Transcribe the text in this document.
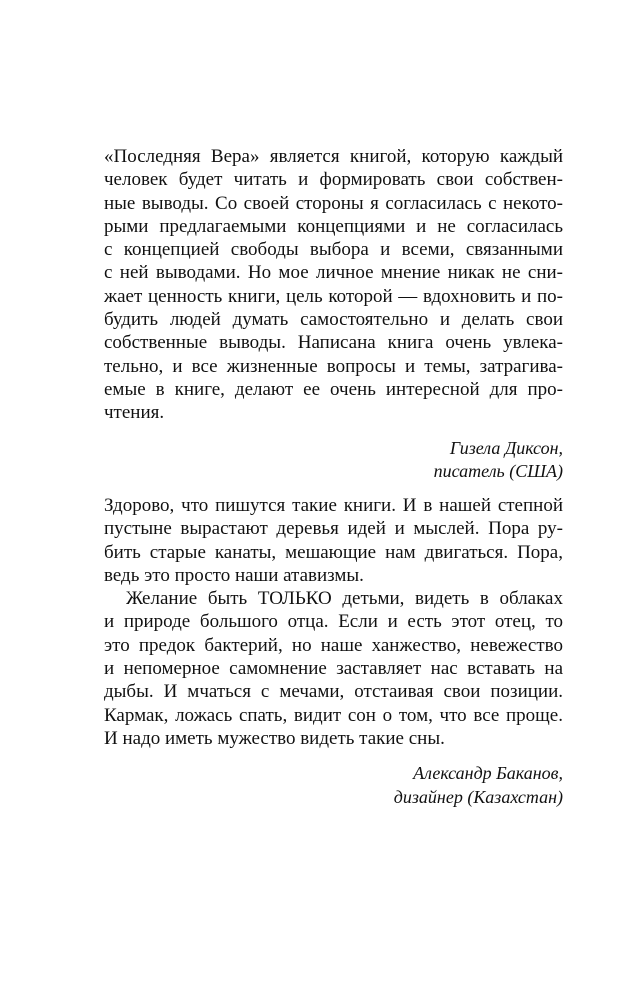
«Последняя Вера» является книгой, которую каждый
человек будет читать и формировать свои собствен-
ные выводы. Со своей стороны я согласилась с некото-
рыми предлагаемыми концепциями и не согласилась
с концепцией свободы выбора и всеми, связанными
с ней выводами. Но мое личное мнение никак не сни-
жает ценность книги, цель которой — вдохновить и по-
будить людей думать самостоятельно и делать свои
собственные выводы. Написана книга очень увлека-
тельно, и все жизненные вопросы и темы, затрагива-
емые в книге, делают ее очень интересной для про-
чтения.
Гизела Диксон,
писатель (США)
Здорово, что пишутся такие книги. И в нашей степной
пустыне вырастают деревья идей и мыслей. Пора ру-
бить старые канаты, мешающие нам двигаться. Пора,
ведь это просто наши атавизмы.
Желание быть ТОЛЬКО детьми, видеть в облаках
и природе большого отца. Если и есть этот отец, то
это предок бактерий, но наше ханжество, невежество
и непомерное самомнение заставляет нас вставать на
дыбы. И мчаться с мечами, отстаивая свои позиции.
Кармак, ложась спать, видит сон о том, что все проще.
И надо иметь мужество видеть такие сны.
Александр Баканов,
дизайнер (Казахстан)
